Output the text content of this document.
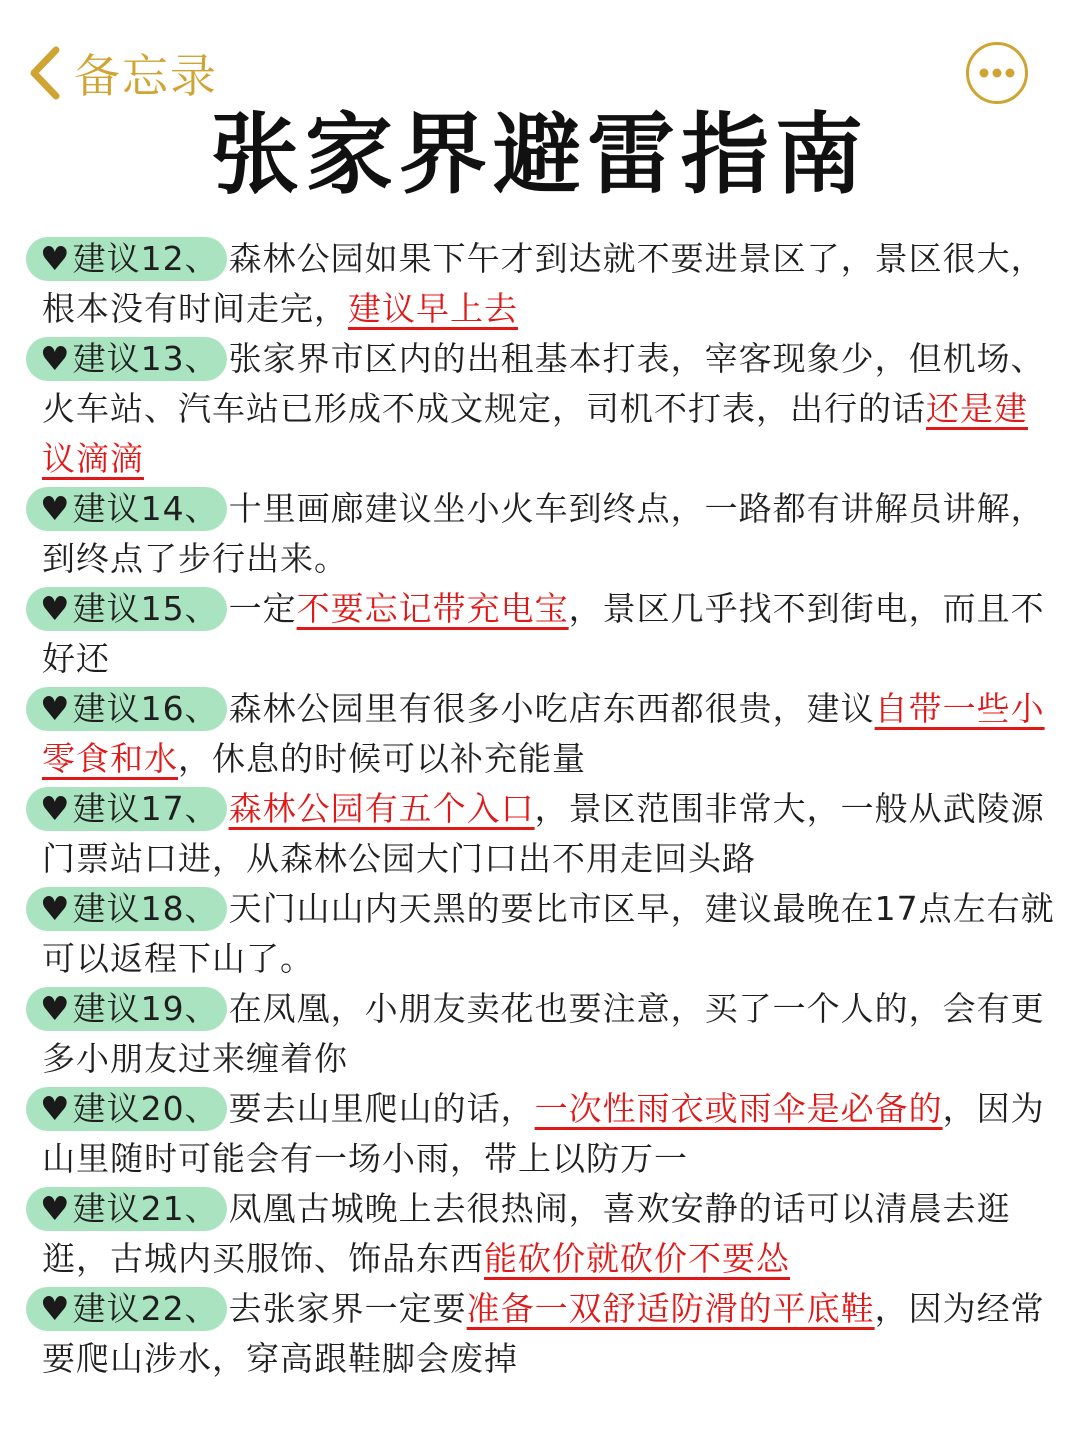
备忘录
张家界避雷指南

♥建议12、 森林公园如果下午才到达就不要进景区了，景区很大，根本没有时间走完，建议早上去

♥建议13、 张家界市区内的出租基本打表，宰客现象少，但机场、火车站、汽车站已形成不成文规定，司机不打表，出行的话还是建议滴滴

♥建议14、 十里画廊建议坐小火车到终点，一路都有讲解员讲解，到终点了步行出来。

♥建议15、 一定不要忘记带充电宝，景区几乎找不到街电，而且不好还

♥建议16、 森林公园里有很多小吃店东西都很贵，建议自带一些小零食和水，休息的时候可以补充能量

♥建议17、 森林公园有五个入口，景区范围非常大，一般从武陵源门票站口进，从森林公园大门口出不用走回头路

♥建议18、 天门山山内天黑的要比市区早，建议最晚在17点左右就可以返程下山了。

♥建议19、 在凤凰，小朋友卖花也要注意，买了一个人的，会有更多小朋友过来缠着你

♥建议20、 要去山里爬山的话，一次性雨衣或雨伞是必备的，因为山里随时可能会有一场小雨，带上以防万一

♥建议21、 凤凰古城晚上去很热闹，喜欢安静的话可以清晨去逛逛，古城内买服饰、饰品东西能砍价就砍价不要怂

♥建议22、 去张家界一定要准备一双舒适防滑的平底鞋，因为经常要爬山涉水，穿高跟鞋脚会废掉
